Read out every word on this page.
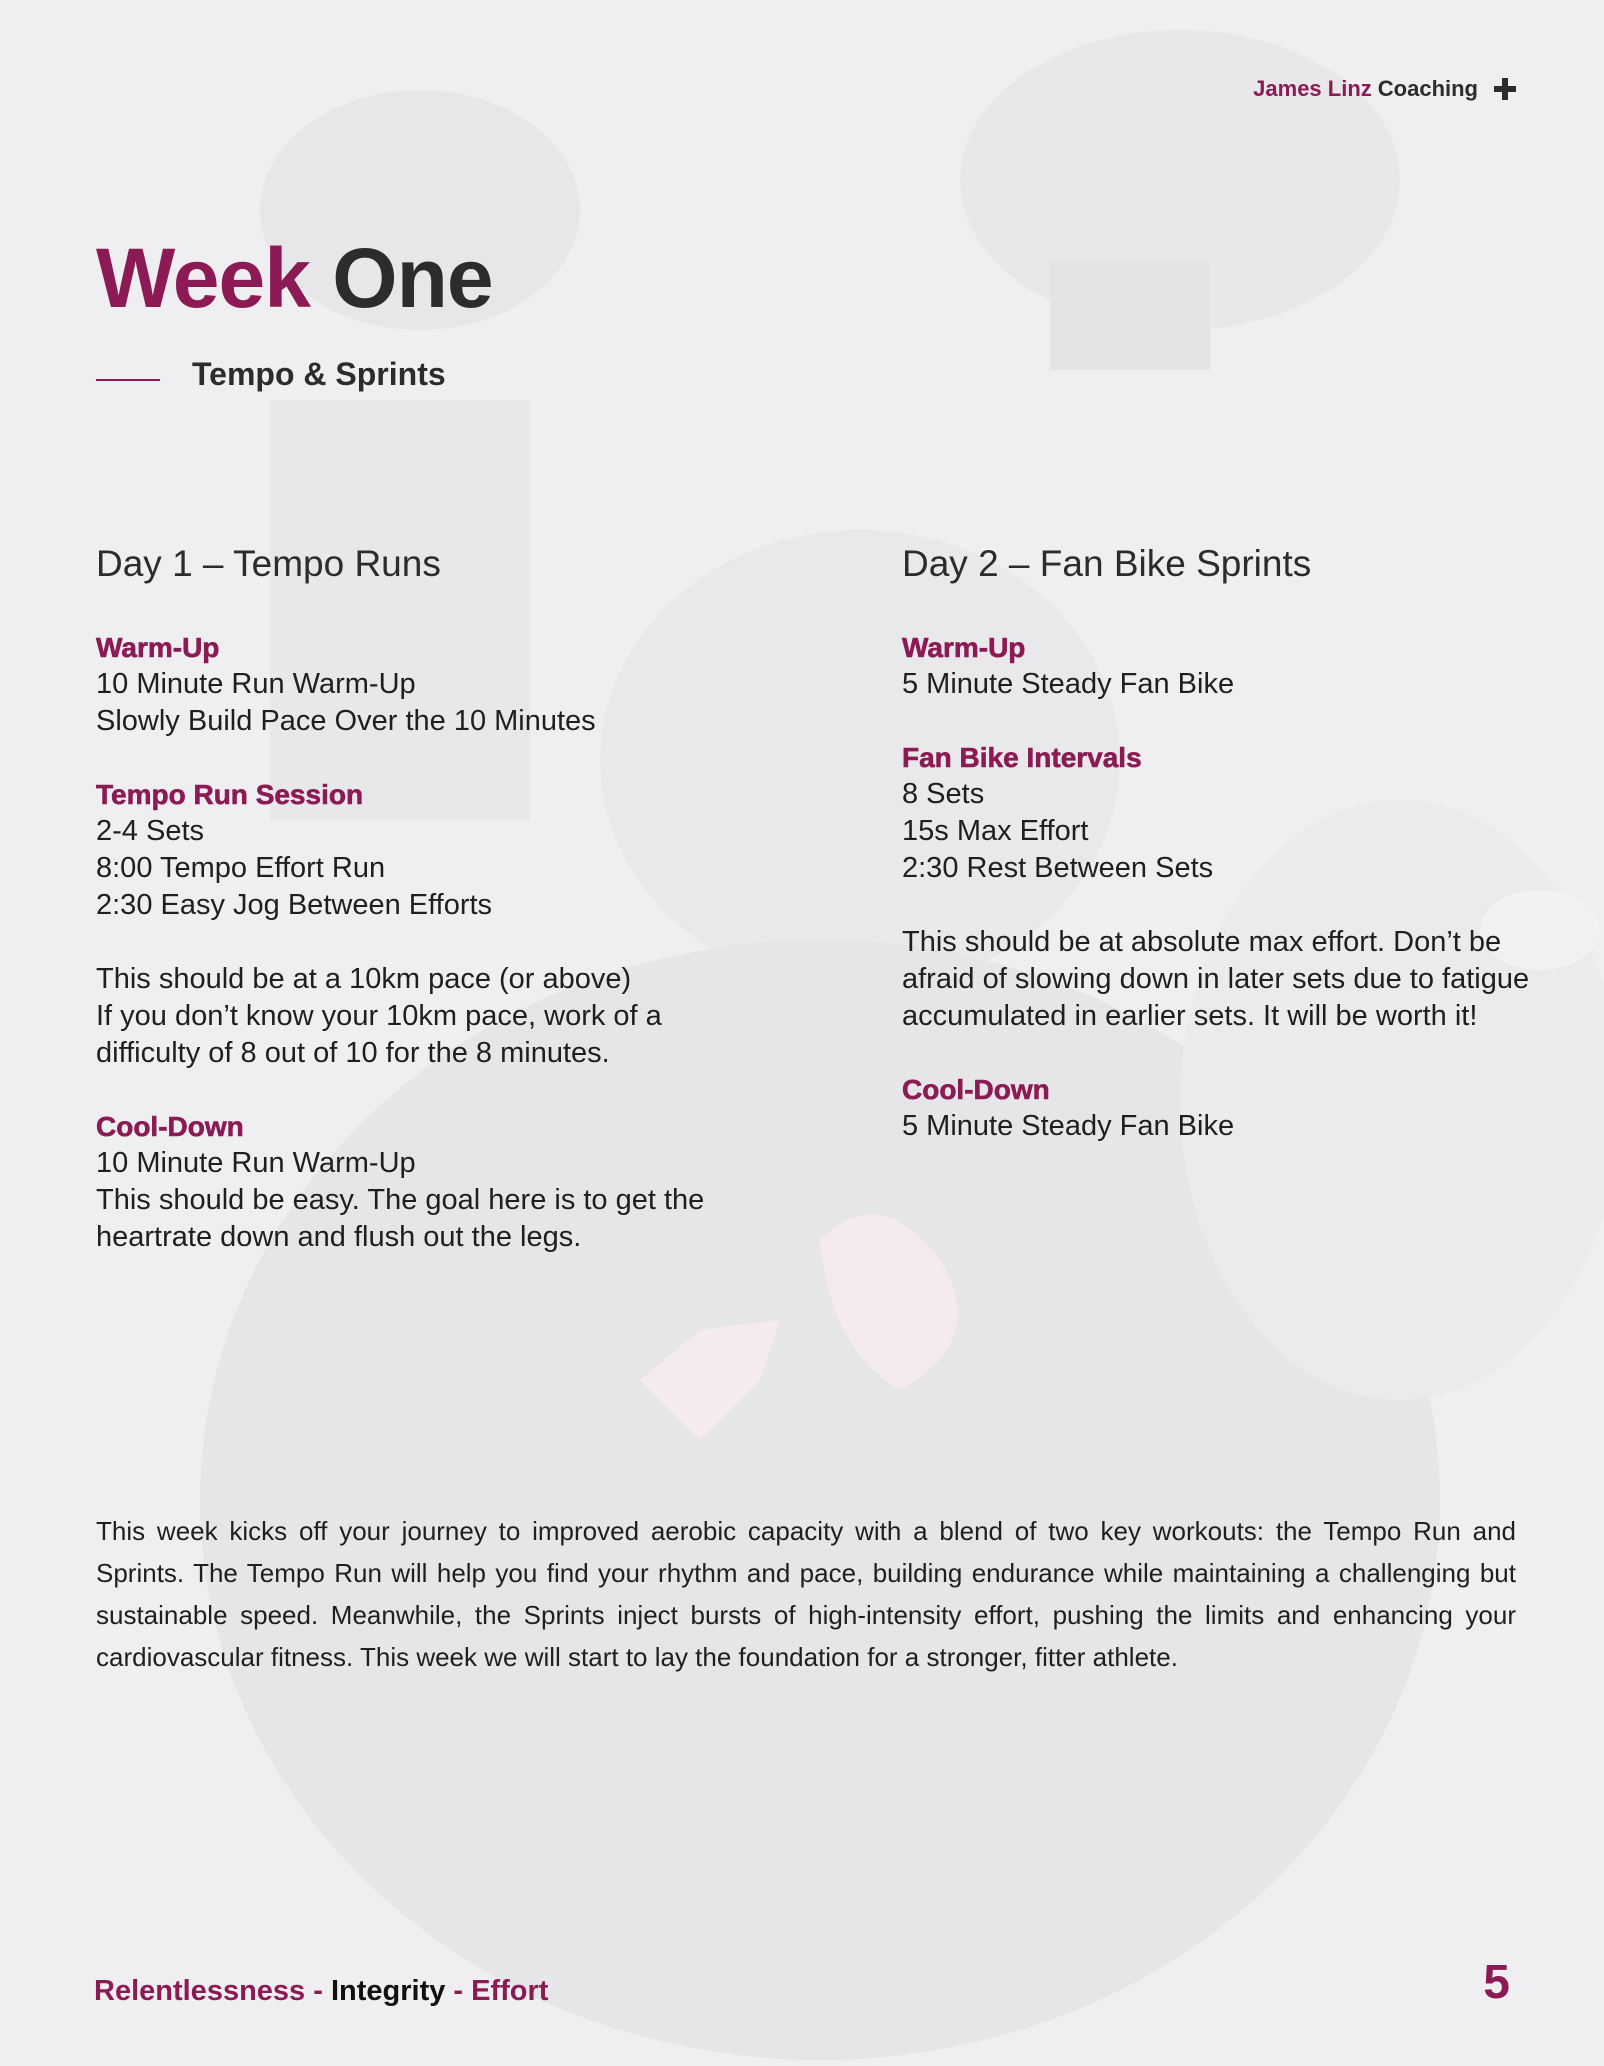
James Linz Coaching
Week One
Tempo & Sprints
Day 1 – Tempo Runs
Warm-Up
10 Minute Run Warm-Up
Slowly Build Pace Over the 10 Minutes
Tempo Run Session
2-4 Sets
8:00 Tempo Effort Run
2:30 Easy Jog Between Efforts
This should be at a 10km pace (or above)
If you don’t know your 10km pace, work of a
difficulty of 8 out of 10 for the 8 minutes.
Cool-Down
10 Minute Run Warm-Up
This should be easy. The goal here is to get the
heartrate down and flush out the legs.
Day 2 – Fan Bike Sprints
Warm-Up
5 Minute Steady Fan Bike
Fan Bike Intervals
8 Sets
15s Max Effort
2:30 Rest Between Sets
This should be at absolute max effort. Don’t be
afraid of slowing down in later sets due to fatigue
accumulated in earlier sets. It will be worth it!
Cool-Down
5 Minute Steady Fan Bike

This week kicks off your journey to improved aerobic capacity with a blend of two key workouts: the Tempo Run and Sprints. The Tempo Run will help you find your rhythm and pace, building endurance while maintaining a challenging but sustainable speed. Meanwhile, the Sprints inject bursts of high-intensity effort, pushing the limits and enhancing your cardiovascular fitness. This week we will start to lay the foundation for a stronger, fitter athlete.

Relentlessness - Integrity - Effort	5
